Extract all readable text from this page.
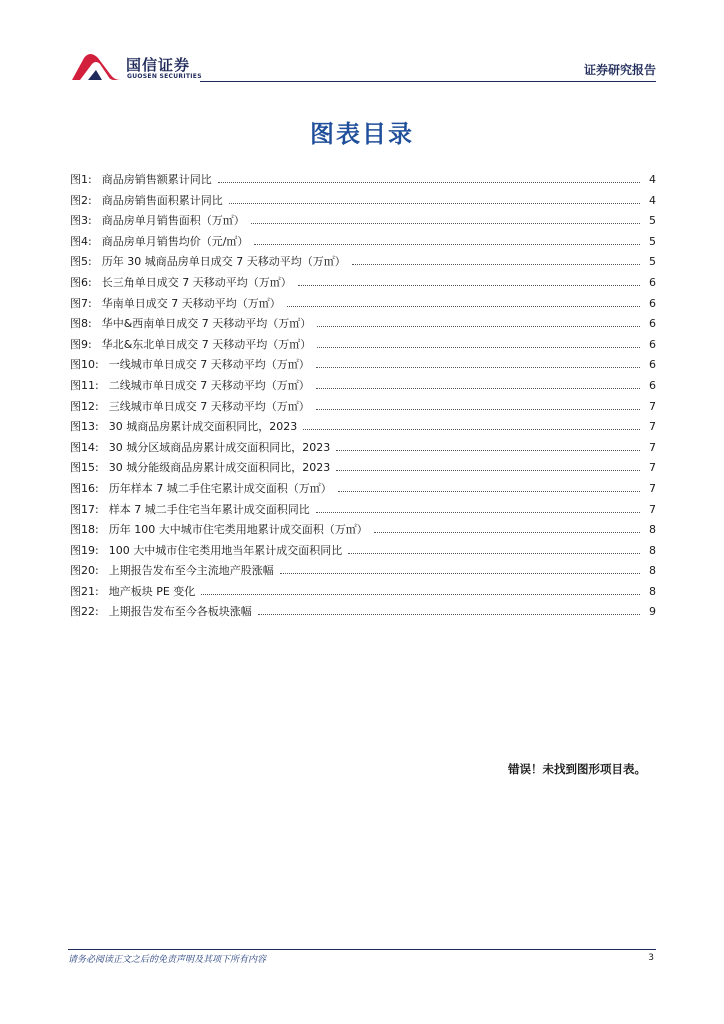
国信证券
GUOSEN SECURITIES	证券研究报告
图表目录
图1: 商品房销售额累计同比	4
图2: 商品房销售面积累计同比	4
图3: 商品房单月销售面积（万㎡）	5
图4: 商品房单月销售均价（元/㎡）	5
图5: 历年 30 城商品房单日成交 7 天移动平均（万㎡）	5
图6: 长三角单日成交 7 天移动平均（万㎡）	6
图7: 华南单日成交 7 天移动平均（万㎡）	6
图8: 华中&西南单日成交 7 天移动平均（万㎡）	6
图9: 华北&东北单日成交 7 天移动平均（万㎡）	6
图10: 一线城市单日成交 7 天移动平均（万㎡）	6
图11: 二线城市单日成交 7 天移动平均（万㎡）	6
图12: 三线城市单日成交 7 天移动平均（万㎡）	7
图13: 30 城商品房累计成交面积同比，2023	7
图14: 30 城分区域商品房累计成交面积同比，2023	7
图15: 30 城分能级商品房累计成交面积同比，2023	7
图16: 历年样本 7 城二手住宅累计成交面积（万㎡）	7
图17: 样本 7 城二手住宅当年累计成交面积同比	7
图18: 历年 100 大中城市住宅类用地累计成交面积（万㎡）	8
图19: 100 大中城市住宅类用地当年累计成交面积同比	8
图20: 上期报告发布至今主流地产股涨幅	8
图21: 地产板块 PE 变化	8
图22: 上期报告发布至今各板块涨幅	9
错误！未找到图形项目表。
请务必阅读正文之后的免责声明及其项下所有内容	3
